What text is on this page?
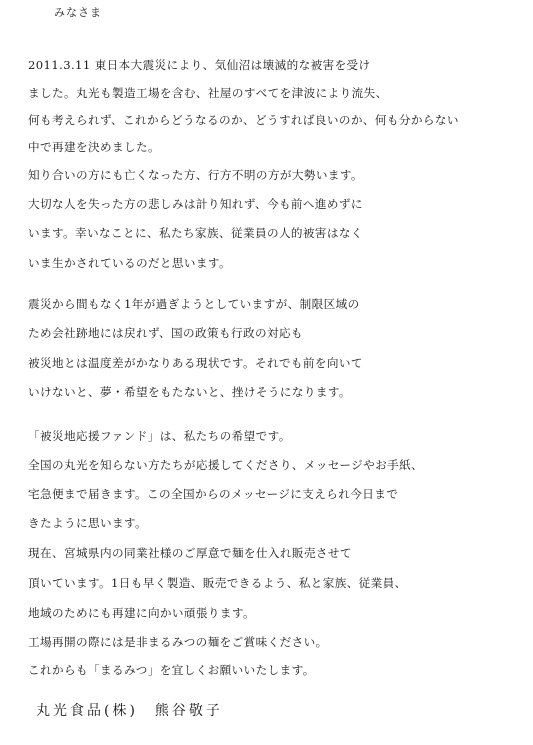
みなさま
2011.3.11 東日本大震災により、気仙沼は壊滅的な被害を受け
ました。丸光も製造工場を含む、社屋のすべてを津波により流失、
何も考えられず、これからどうなるのか、どうすれば良いのか、何も分からない
中で再建を決めました。
知り合いの方にも亡くなった方、行方不明の方が大勢います。
大切な人を失った方の悲しみは計り知れず、今も前へ進めずに
います。幸いなことに、私たち家族、従業員の人的被害はなく
いま生かされているのだと思います。
震災から間もなく1年が過ぎようとしていますが、制限区域の
ため会社跡地には戻れず、国の政策も行政の対応も
被災地とは温度差がかなりある現状です。それでも前を向いて
いけないと、夢・希望をもたないと、挫けそうになります。
「被災地応援ファンド」は、私たちの希望です。
全国の丸光を知らない方たちが応援してくださり、メッセージやお手紙、
宅急便まで届きます。この全国からのメッセージに支えられ今日まで
きたように思います。
現在、宮城県内の同業社様のご厚意で麺を仕入れ販売させて
頂いています。1日も早く製造、販売できるよう、私と家族、従業員、
地域のためにも再建に向かい頑張ります。
工場再開の際には是非まるみつの麺をご賞味ください。
これからも「まるみつ」を宜しくお願いいたします。
丸光食品(株)　熊谷敬子
